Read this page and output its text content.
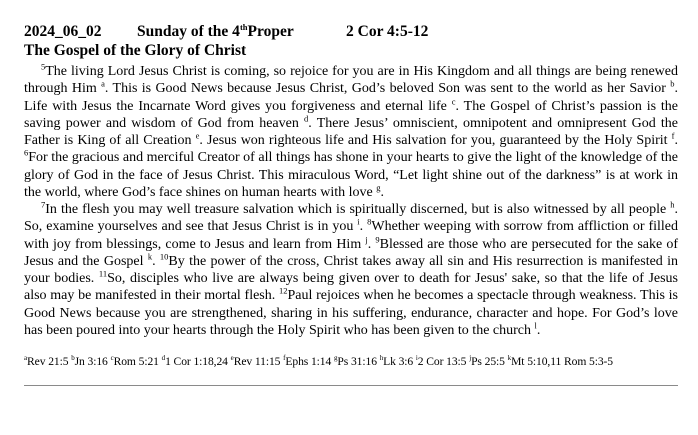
2024_06_02 Sunday of the 4thProper	2 Cor 4:5-12
The Gospel of the Glory of Christ

$^5$The living Lord Jesus Christ is coming, so rejoice for you are in His Kingdom and all things are being renewed through Him $^a$. This is Good News because Jesus Christ, God’s beloved Son was sent to the world as her Savior $^b$. Life with Jesus the Incarnate Word gives you forgiveness and eternal life $^c$. The Gospel of Christ’s passion is the saving power and wisdom of God from heaven $^d$. There Jesus’ omniscient, omnipotent and omnipresent God the Father is King of all Creation $^e$. Jesus won righteous life and His salvation for you, guaranteed by the Holy Spirit $^f$. $^6$For the gracious and merciful Creator of all things has shone in your hearts to give the light of the knowledge of the glory of God in the face of Jesus Christ. This miraculous Word, “Let light shine out of the darkness” is at work in the world, where God’s face shines on human hearts with love $^g$.

$^7$In the flesh you may well treasure salvation which is spiritually discerned, but is also witnessed by all people $^h$. So, examine yourselves and see that Jesus Christ is in you $^i$. $^8$Whether weeping with sorrow from affliction or filled with joy from blessings, come to Jesus and learn from Him $^j$. $^9$Blessed are those who are persecuted for the sake of Jesus and the Gospel $^k$. $^{10}$By the power of the cross, Christ takes away all sin and His resurrection is manifested in your bodies. $^{11}$So, disciples who live are always being given over to death for Jesus' sake, so that the life of Jesus also may be manifested in their mortal flesh. $^{12}$Paul rejoices when he becomes a spectacle through weakness. This is Good News because you are strengthened, sharing in his suffering, endurance, character and hope. For God’s love has been poured into your hearts through the Holy Spirit who has been given to the church $^l$.

$^a$Rev 21:5 $^b$Jn 3:16 $^c$Rom 5:21 $^d$1 Cor 1:18,24 $^e$Rev 11:15 $^f$Ephs 1:14 $^g$Ps 31:16 $^h$Lk 3:6 $^i$2 Cor 13:5 $^j$Ps 25:5 $^k$Mt 5:10,11 Rom 5:3-5
